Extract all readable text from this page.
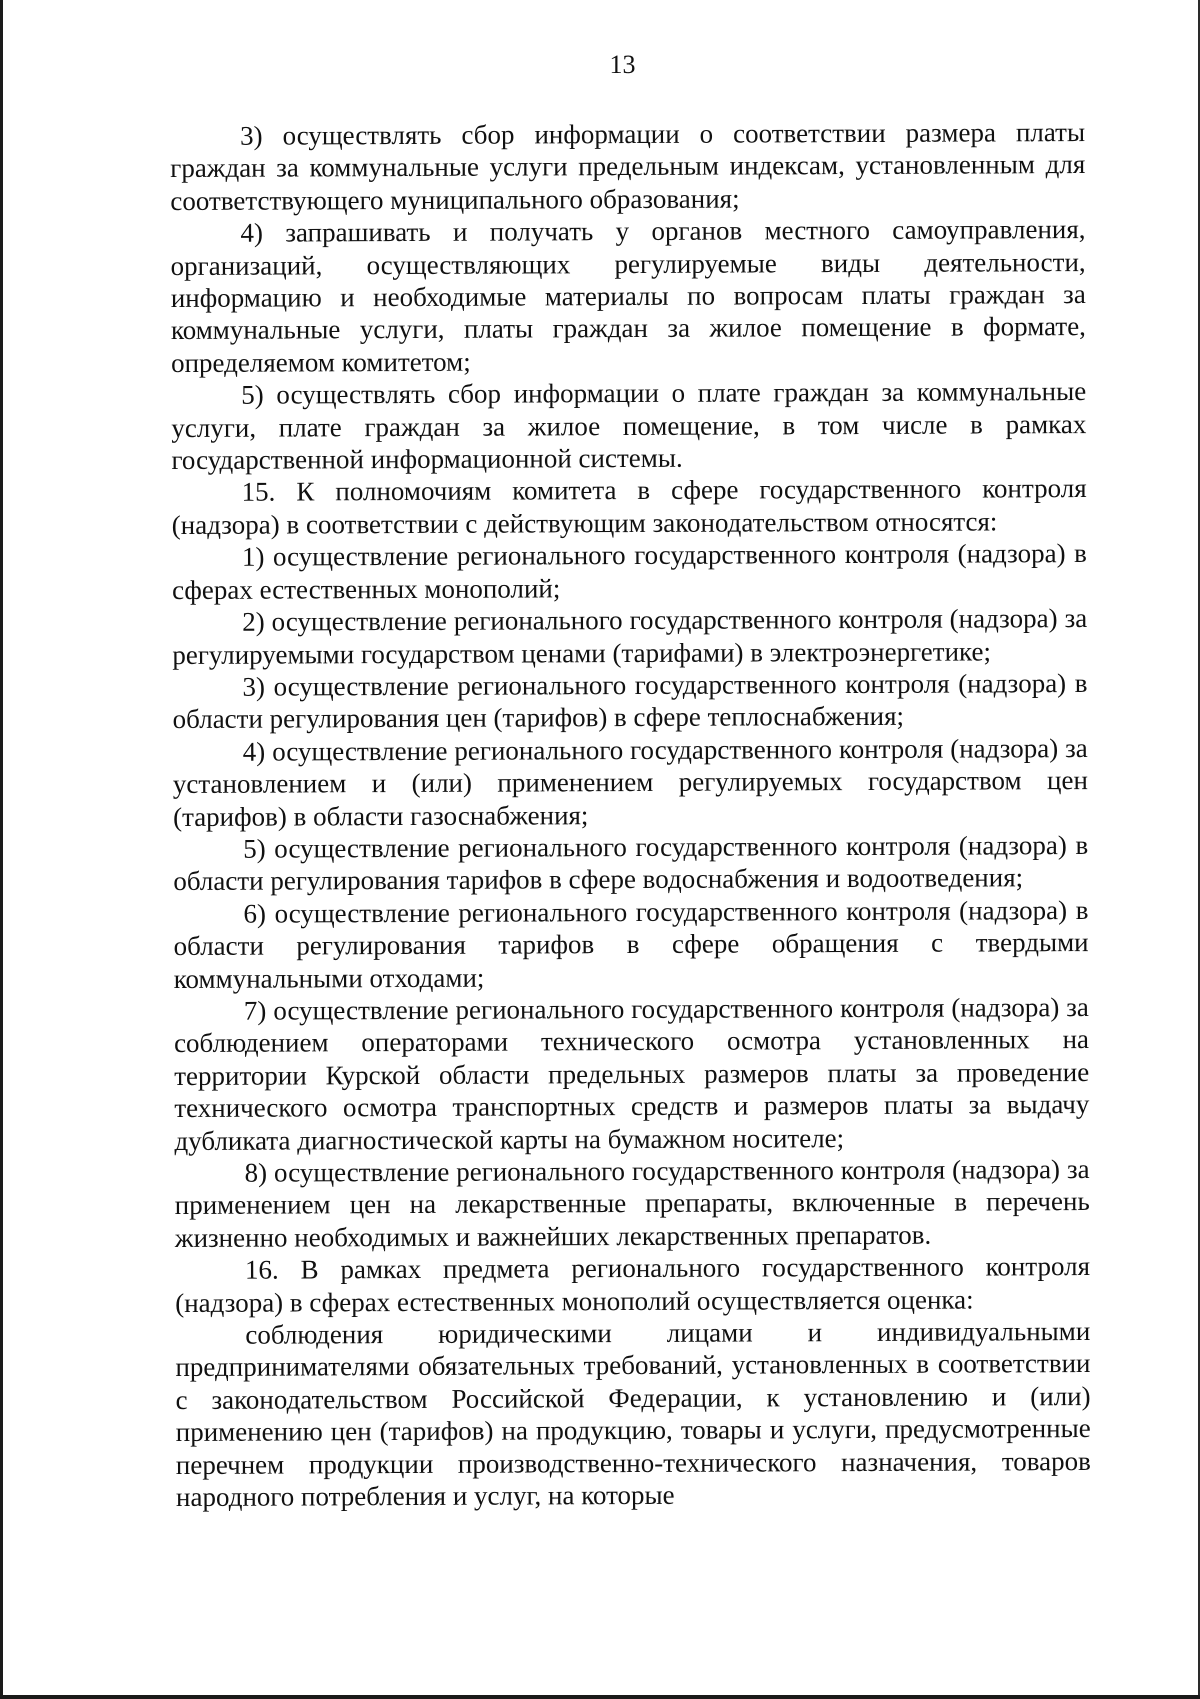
13

3) осуществлять сбор информации о соответствии размера платы граждан за коммунальные услуги предельным индексам, установленным для соответствующего муниципального образования;

4) запрашивать и получать у органов местного самоуправления, организаций, осуществляющих регулируемые виды деятельности, информацию и необходимые материалы по вопросам платы граждан за коммунальные услуги, платы граждан за жилое помещение в формате, определяемом комитетом;

5) осуществлять сбор информации о плате граждан за коммунальные услуги, плате граждан за жилое помещение, в том числе в рамках государственной информационной системы.

15. К полномочиям комитета в сфере государственного контроля (надзора) в соответствии с действующим законодательством относятся:

1) осуществление регионального государственного контроля (надзора) в сферах естественных монополий;

2) осуществление регионального государственного контроля (надзора) за регулируемыми государством ценами (тарифами) в электроэнергетике;

3) осуществление регионального государственного контроля (надзора) в области регулирования цен (тарифов) в сфере теплоснабжения;

4) осуществление регионального государственного контроля (надзора) за установлением и (или) применением регулируемых государством цен (тарифов) в области газоснабжения;

5) осуществление регионального государственного контроля (надзора) в области регулирования тарифов в сфере водоснабжения и водоотведения;

6) осуществление регионального государственного контроля (надзора) в области регулирования тарифов в сфере обращения с твердыми коммунальными отходами;

7) осуществление регионального государственного контроля (надзора) за соблюдением операторами технического осмотра установленных на территории Курской области предельных размеров платы за проведение технического осмотра транспортных средств и размеров платы за выдачу дубликата диагностической карты на бумажном носителе;

8) осуществление регионального государственного контроля (надзора) за применением цен на лекарственные препараты, включенные в перечень жизненно необходимых и важнейших лекарственных препаратов.

16. В рамках предмета регионального государственного контроля (надзора) в сферах естественных монополий осуществляется оценка:

соблюдения юридическими лицами и индивидуальными предпринимателями обязательных требований, установленных в соответствии с законодательством Российской Федерации, к установлению и (или) применению цен (тарифов) на продукцию, товары и услуги, предусмотренные перечнем продукции производственно-технического назначения, товаров народного потребления и услуг, на которые
